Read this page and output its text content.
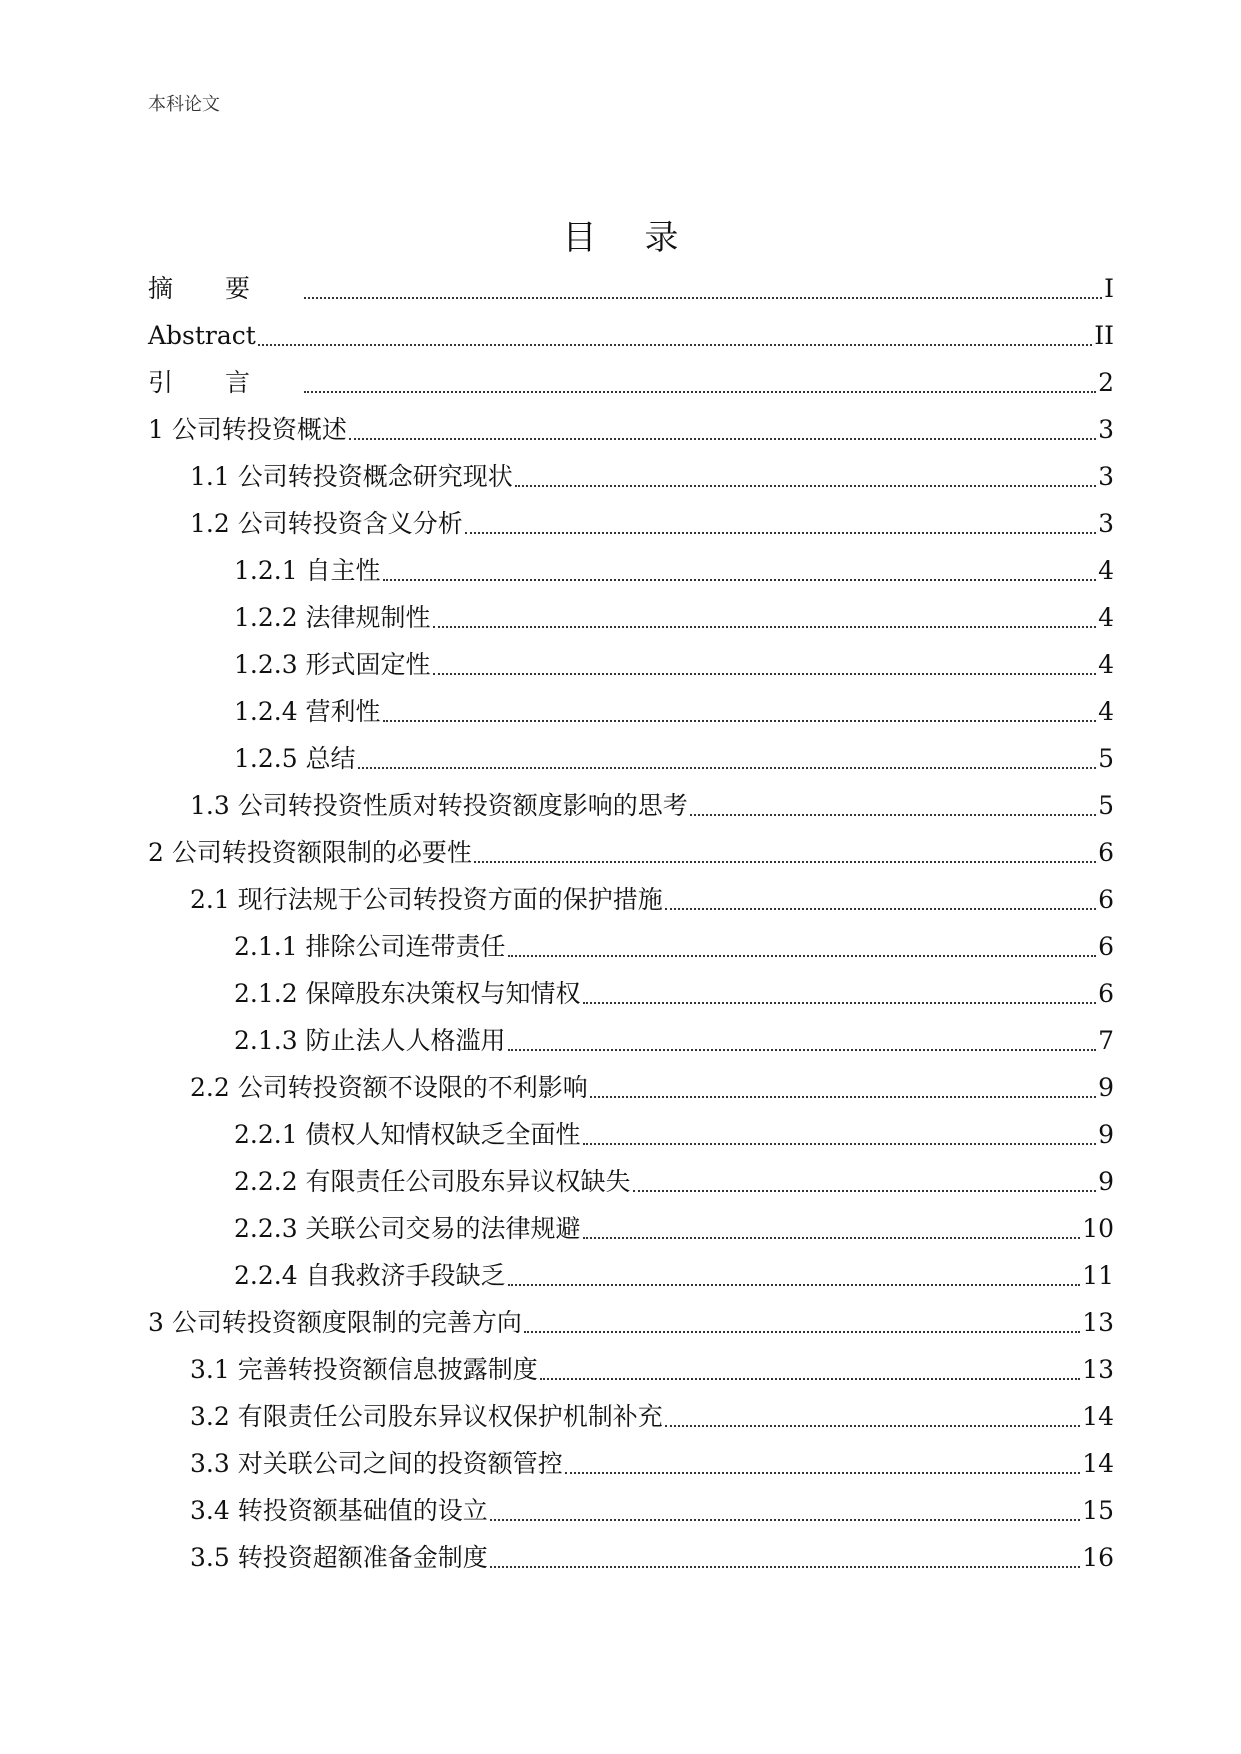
本科论文
目录
摘要	I
Abstract	II
引言	2
1 公司转投资概述	3
1.1 公司转投资概念研究现状	3
1.2 公司转投资含义分析	3
1.2.1 自主性	4
1.2.2 法律规制性	4
1.2.3 形式固定性	4
1.2.4 营利性	4
1.2.5 总结	5
1.3 公司转投资性质对转投资额度影响的思考	5
2 公司转投资额限制的必要性	6
2.1 现行法规于公司转投资方面的保护措施	6
2.1.1 排除公司连带责任	6
2.1.2 保障股东决策权与知情权	6
2.1.3 防止法人人格滥用	7
2.2 公司转投资额不设限的不利影响	9
2.2.1 债权人知情权缺乏全面性	9
2.2.2 有限责任公司股东异议权缺失	9
2.2.3 关联公司交易的法律规避	10
2.2.4 自我救济手段缺乏	11
3 公司转投资额度限制的完善方向	13
3.1 完善转投资额信息披露制度	13
3.2 有限责任公司股东异议权保护机制补充	14
3.3 对关联公司之间的投资额管控	14
3.4 转投资额基础值的设立	15
3.5 转投资超额准备金制度	16
